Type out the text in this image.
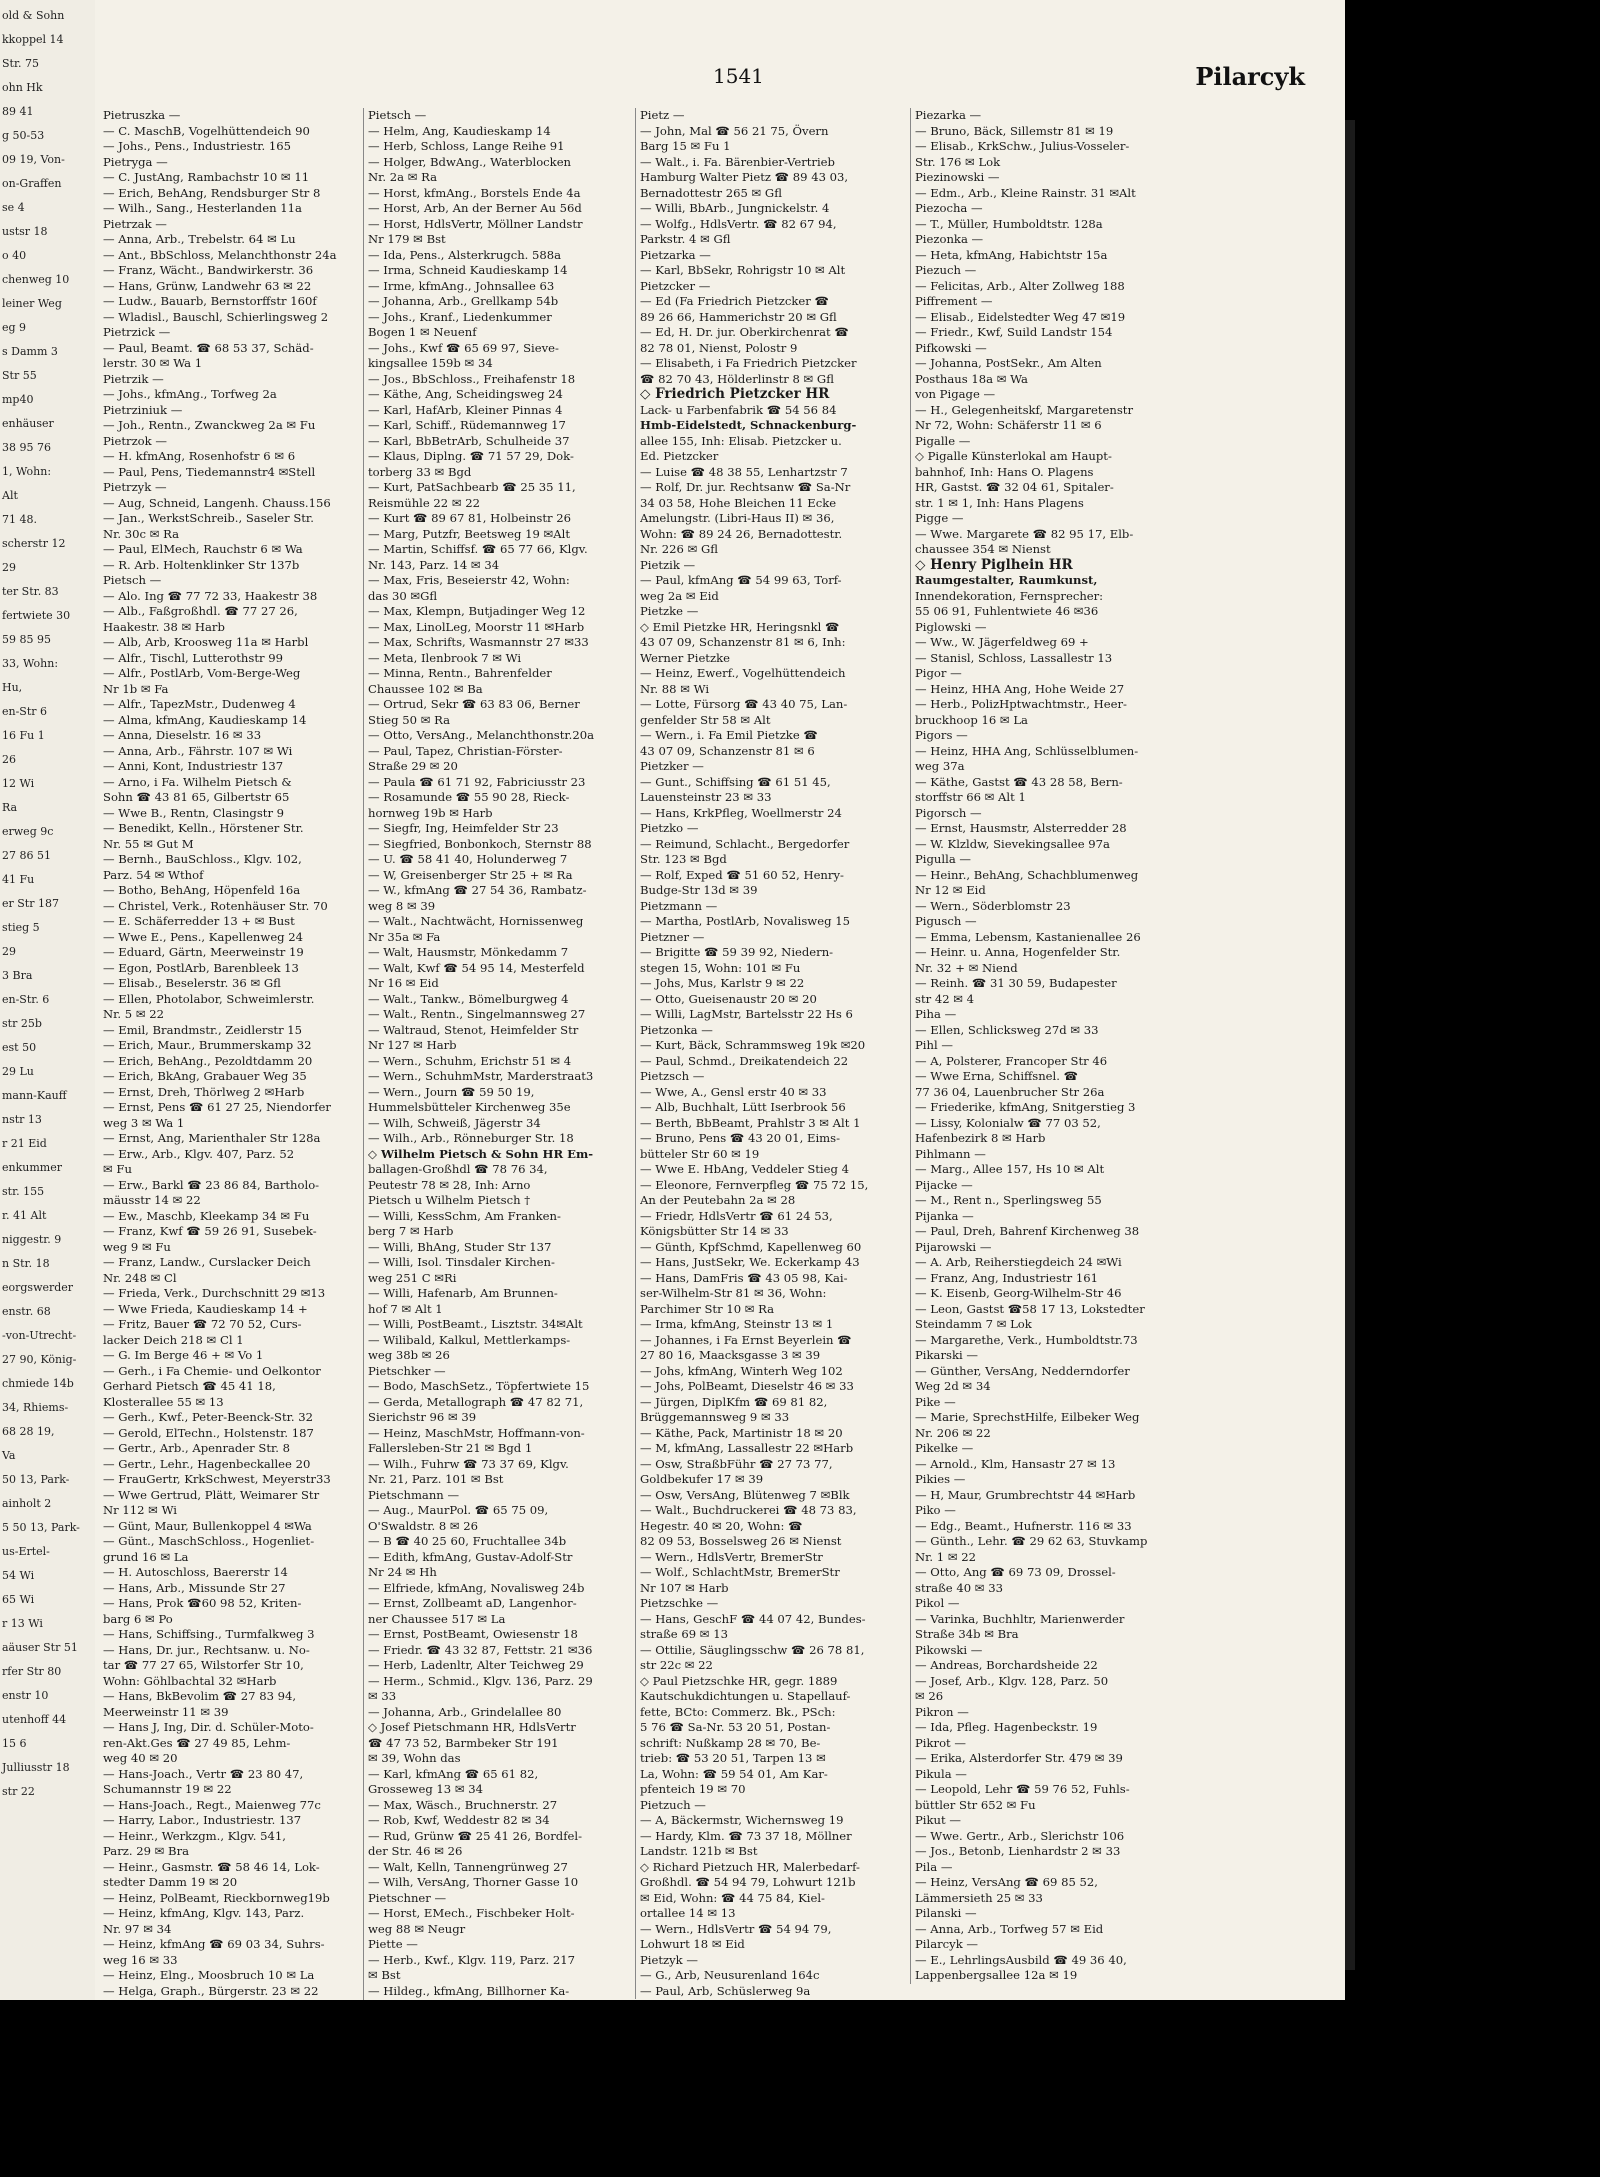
old & Sohn
kkoppel 14
Str. 75
ohn Hk
89 41
g 50-53
09 19, Von-
on-Graffen
se 4
ustsr 18
o 40
chenweg 10
leiner Weg
eg 9
s Damm 3
Str 55
mp40
enhäuser
38 95 76
1, Wohn:
Alt
71 48.
scherstr 12
29
ter Str. 83
fertwiete 30
59 85 95
33, Wohn:
Hu,
en-Str 6
16 Fu 1
26
12 Wi
Ra
erweg 9c
27 86 51
41 Fu
er Str 187
stieg 5
29
3 Bra
en-Str. 6
str 25b
est 50
29 Lu
mann-Kauff
nstr 13
r 21 Eid
enkummer
str. 155
r. 41 Alt
niggestr. 9
n Str. 18
eorgswerder
enstr. 68
-von-Utrecht-
27 90, König-
chmiede 14b
34, Rhiems-
68 28 19,
Va
50 13, Park-
ainholt 2
5 50 13, Park-
us-Ertel-
54 Wi
65 Wi
r 13 Wi
aäuser Str 51
rfer Str 80
enstr 10
utenhoff 44
15 6
Julliusstr 18
str 22
1541	Pilarcyk
Pietruszka —
— C. MaschB, Vogelhüttendeich 90
— Johs., Pens., Industriestr. 165
Pietryga —
— C. JustAng, Rambachstr 10 ✉ 11
— Erich, BehAng, Rendsburger Str 8
— Wilh., Sang., Hesterlanden 11a
Pietrzak —
— Anna, Arb., Trebelstr. 64 ✉ Lu
— Ant., BbSchloss, Melanchthonstr 24a
— Franz, Wächt., Bandwirkerstr. 36
— Hans, Grünw, Landwehr 63 ✉ 22
— Ludw., Bauarb, Bernstorffstr 160f
— Wladisl., Bauschl, Schierlingsweg 2
Pietrzick —
— Paul, Beamt. ☎ 68 53 37, Schäd-
lerstr. 30 ✉ Wa 1
Pietrzik —
— Johs., kfmAng., Torfweg 2a
Pietrziniuk —
— Joh., Rentn., Zwanckweg 2a ✉ Fu
Pietrzok —
— H. kfmAng, Rosenhofstr 6 ✉ 6
— Paul, Pens, Tiedemannstr4 ✉Stell
Pietrzyk —
— Aug, Schneid, Langenh. Chauss.156
— Jan., WerkstSchreib., Saseler Str.
Nr. 30c ✉ Ra
— Paul, ElMech, Rauchstr 6 ✉ Wa
— R. Arb. Holtenklinker Str 137b
Pietsch —
— Alo. Ing ☎ 77 72 33, Haakestr 38
— Alb., Faßgroßhdl. ☎ 77 27 26,
Haakestr. 38 ✉ Harb
— Alb, Arb, Kroosweg 11a ✉ Harbl
— Alfr., Tischl, Lutterothstr 99
— Alfr., PostlArb, Vom-Berge-Weg
Nr 1b ✉ Fa
— Alfr., TapezMstr., Dudenweg 4
— Alma, kfmAng, Kaudieskamp 14
— Anna, Dieselstr. 16 ✉ 33
— Anna, Arb., Fährstr. 107 ✉ Wi
— Anni, Kont, Industriestr 137
— Arno, i Fa. Wilhelm Pietsch &
Sohn ☎ 43 81 65, Gilbertstr 65
— Wwe B., Rentn, Clasingstr 9
— Benedikt, Kelln., Hörstener Str.
Nr. 55 ✉ Gut M
— Bernh., BauSchloss., Klgv. 102,
Parz. 54 ✉ Wthof
— Botho, BehAng, Höpenfeld 16a
— Christel, Verk., Rotenhäuser Str. 70
— E. Schäferredder 13 + ✉ Bust
— Wwe E., Pens., Kapellenweg 24
— Eduard, Gärtn, Meerweinstr 19
— Egon, PostlArb, Barenbleek 13
— Elisab., Beselerstr. 36 ✉ Gfl
— Ellen, Photolabor, Schweimlerstr.
Nr. 5 ✉ 22
— Emil, Brandmstr., Zeidlerstr 15
— Erich, Maur., Brummerskamp 32
— Erich, BehAng., Pezoldtdamm 20
— Erich, BkAng, Grabauer Weg 35
— Ernst, Dreh, Thörlweg 2 ✉Harb
— Ernst, Pens ☎ 61 27 25, Niendorfer
weg 3 ✉ Wa 1
— Ernst, Ang, Marienthaler Str 128a
— Erw., Arb., Klgv. 407, Parz. 52
✉ Fu
— Erw., Barkl ☎ 23 86 84, Bartholo-
mäusstr 14 ✉ 22
— Ew., Maschb, Kleekamp 34 ✉ Fu
— Franz, Kwf ☎ 59 26 91, Susebek-
weg 9 ✉ Fu
— Franz, Landw., Curslacker Deich
Nr. 248 ✉ Cl
— Frieda, Verk., Durchschnitt 29 ✉13
— Wwe Frieda, Kaudieskamp 14 +
— Fritz, Bauer ☎ 72 70 52, Curs-
lacker Deich 218 ✉ Cl 1
— G. Im Berge 46 + ✉ Vo 1
— Gerh., i Fa Chemie- und Oelkontor
Gerhard Pietsch ☎ 45 41 18,
Klosterallee 55 ✉ 13
— Gerh., Kwf., Peter-Beenck-Str. 32
— Gerold, ElTechn., Holstenstr. 187
— Gertr., Arb., Apenrader Str. 8
— Gertr., Lehr., Hagenbeckallee 20
— FrauGertr, KrkSchwest, Meyerstr33
— Wwe Gertrud, Plätt, Weimarer Str
Nr 112 ✉ Wi
— Günt, Maur, Bullenkoppel 4 ✉Wa
— Günt., MaschSchloss., Hogenliet-
grund 16 ✉ La
— H. Autoschloss, Baererstr 14
— Hans, Arb., Missunde Str 27
— Hans, Prok ☎60 98 52, Kriten-
barg 6 ✉ Po
— Hans, Schiffsing., Turmfalkweg 3
— Hans, Dr. jur., Rechtsanw. u. No-
tar ☎ 77 27 65, Wilstorfer Str 10,
Wohn: Göhlbachtal 32 ✉Harb
— Hans, BkBevolim ☎ 27 83 94,
Meerweinstr 11 ✉ 39
— Hans J, Ing, Dir. d. Schüler-Moto-
ren-Akt.Ges ☎ 27 49 85, Lehm-
weg 40 ✉ 20
— Hans-Joach., Vertr ☎ 23 80 47,
Schumannstr 19 ✉ 22
— Hans-Joach., Regt., Maienweg 77c
— Harry, Labor., Industriestr. 137
— Heinr., Werkzgm., Klgv. 541,
Parz. 29 ✉ Bra
— Heinr., Gasmstr. ☎ 58 46 14, Lok-
stedter Damm 19 ✉ 20
— Heinz, PolBeamt, Rieckbornweg19b
— Heinz, kfmAng, Klgv. 143, Parz.
Nr. 97 ✉ 34
— Heinz, kfmAng ☎ 69 03 34, Suhrs-
weg 16 ✉ 33
— Heinz, Elng., Moosbruch 10 ✉ La
— Helga, Graph., Bürgerstr. 23 ✉ 22
Pietsch —
— Helm, Ang, Kaudieskamp 14
— Herb, Schloss, Lange Reihe 91
— Holger, BdwAng., Waterblocken
Nr. 2a ✉ Ra
— Horst, kfmAng., Borstels Ende 4a
— Horst, Arb, An der Berner Au 56d
— Horst, HdlsVertr, Möllner Landstr
Nr 179 ✉ Bst
— Ida, Pens., Alsterkrugch. 588a
— Irma, Schneid Kaudieskamp 14
— Irme, kfmAng., Johnsallee 63
— Johanna, Arb., Grellkamp 54b
— Johs., Kranf., Liedenkummer
Bogen 1 ✉ Neuenf
— Johs., Kwf ☎ 65 69 97, Sieve-
kingsallee 159b ✉ 34
— Jos., BbSchloss., Freihafenstr 18
— Käthe, Ang, Scheidingsweg 24
— Karl, HafArb, Kleiner Pinnas 4
— Karl, Schiff., Rüdemannweg 17
— Karl, BbBetrArb, Schulheide 37
— Klaus, Diplng. ☎ 71 57 29, Dok-
torberg 33 ✉ Bgd
— Kurt, PatSachbearb ☎ 25 35 11,
Reismühle 22 ✉ 22
— Kurt ☎ 89 67 81, Holbeinstr 26
— Marg, Putzfr, Beetsweg 19 ✉Alt
— Martin, Schiffsf. ☎ 65 77 66, Klgv.
Nr. 143, Parz. 14 ✉ 34
— Max, Fris, Beseierstr 42, Wohn:
das 30 ✉Gfl
— Max, Klempn, Butjadinger Weg 12
— Max, LinolLeg, Moorstr 11 ✉Harb
— Max, Schrifts, Wasmannstr 27 ✉33
— Meta, Ilenbrook 7 ✉ Wi
— Minna, Rentn., Bahrenfelder
Chaussee 102 ✉ Ba
— Ortrud, Sekr ☎ 63 83 06, Berner
Stieg 50 ✉ Ra
— Otto, VersAng., Melanchthonstr.20a
— Paul, Tapez, Christian-Förster-
Straße 29 ✉ 20
— Paula ☎ 61 71 92, Fabriciusstr 23
— Rosamunde ☎ 55 90 28, Rieck-
hornweg 19b ✉ Harb
— Siegfr, Ing, Heimfelder Str 23
— Siegfried, Bonbonkoch, Sternstr 88
— U. ☎ 58 41 40, Holunderweg 7
— W, Greisenberger Str 25 + ✉ Ra
— W., kfmAng ☎ 27 54 36, Rambatz-
weg 8 ✉ 39
— Walt., Nachtwächt, Hornissenweg
Nr 35a ✉ Fa
— Walt, Hausmstr, Mönkedamm 7
— Walt, Kwf ☎ 54 95 14, Mesterfeld
Nr 16 ✉ Eid
— Walt., Tankw., Bömelburgweg 4
— Walt., Rentn., Singelmannsweg 27
— Waltraud, Stenot, Heimfelder Str
Nr 127 ✉ Harb
— Wern., Schuhm, Erichstr 51 ✉ 4
— Wern., SchuhmMstr, Marderstraat3
— Wern., Journ ☎ 59 50 19,
Hummelsbütteler Kirchenweg 35e
— Wilh, Schweiß, Jägerstr 34
— Wilh., Arb., Rönneburger Str. 18
◇ Wilhelm Pietsch & Sohn HR Em-
ballagen-Großhdl ☎ 78 76 34,
Peutestr 78 ✉ 28, Inh: Arno
Pietsch u Wilhelm Pietsch †
— Willi, KessSchm, Am Franken-
berg 7 ✉ Harb
— Willi, BhAng, Studer Str 137
— Willi, Isol. Tinsdaler Kirchen-
weg 251 C ✉Ri
— Willi, Hafenarb, Am Brunnen-
hof 7 ✉ Alt 1
— Willi, PostBeamt., Lisztstr. 34✉Alt
— Wilibald, Kalkul, Mettlerkamps-
weg 38b ✉ 26
Pietschker —
— Bodo, MaschSetz., Töpfertwiete 15
— Gerda, Metallograph ☎ 47 82 71,
Sierichstr 96 ✉ 39
— Heinz, MaschMstr, Hoffmann-von-
Fallersleben-Str 21 ✉ Bgd 1
— Wilh., Fuhrw ☎ 73 37 69, Klgv.
Nr. 21, Parz. 101 ✉ Bst
Pietschmann —
— Aug., MaurPol. ☎ 65 75 09,
O'Swaldstr. 8 ✉ 26
— B ☎ 40 25 60, Fruchtallee 34b
— Edith, kfmAng, Gustav-Adolf-Str
Nr 24 ✉ Hh
— Elfriede, kfmAng, Novalisweg 24b
— Ernst, Zollbeamt aD, Langenhor-
ner Chaussee 517 ✉ La
— Ernst, PostBeamt, Owiesenstr 18
— Friedr. ☎ 43 32 87, Fettstr. 21 ✉36
— Herb, Ladenltr, Alter Teichweg 29
— Herm., Schmid., Klgv. 136, Parz. 29
✉ 33
— Johanna, Arb., Grindelallee 80
◇ Josef Pietschmann HR, HdlsVertr
☎ 47 73 52, Barmbeker Str 191
✉ 39, Wohn das
— Karl, kfmAng ☎ 65 61 82,
Grosseweg 13 ✉ 34
— Max, Wäsch., Bruchnerstr. 27
— Rob, Kwf, Weddestr 82 ✉ 34
— Rud, Grünw ☎ 25 41 26, Bordfel-
der Str. 46 ✉ 26
— Walt, Kelln, Tannengrünweg 27
— Wilh, VersAng, Thorner Gasse 10
Pietschner —
— Horst, EMech., Fischbeker Holt-
weg 88 ✉ Neugr
Piette —
— Herb., Kwf., Klgv. 119, Parz. 217
✉ Bst
— Hildeg., kfmAng, Billhorner Ka-
Pietz —
— John, Mal ☎ 56 21 75, Övern
Barg 15 ✉ Fu 1
— Walt., i. Fa. Bärenbier-Vertrieb
Hamburg Walter Pietz ☎ 89 43 03,
Bernadottestr 265 ✉ Gfl
— Willi, BbArb., Jungnickelstr. 4
— Wolfg., HdlsVertr. ☎ 82 67 94,
Parkstr. 4 ✉ Gfl
Pietzarka —
— Karl, BbSekr, Rohrigstr 10 ✉ Alt
Pietzcker —
— Ed (Fa Friedrich Pietzcker ☎
89 26 66, Hammerichstr 20 ✉ Gfl
— Ed, H. Dr. jur. Oberkirchenrat ☎
82 78 01, Nienst, Polostr 9
— Elisabeth, i Fa Friedrich Pietzcker
☎ 82 70 43, Hölderlinstr 8 ✉ Gfl
◇ Friedrich Pietzcker HR
Lack- u Farbenfabrik ☎ 54 56 84
Hmb-Eidelstedt, Schnackenburg-
allee 155, Inh: Elisab. Pietzcker u.
Ed. Pietzcker
— Luise ☎ 48 38 55, Lenhartzstr 7
— Rolf, Dr. jur. Rechtsanw ☎ Sa-Nr
34 03 58, Hohe Bleichen 11 Ecke
Amelungstr. (Libri-Haus II) ✉ 36,
Wohn: ☎ 89 24 26, Bernadottestr.
Nr. 226 ✉ Gfl
Pietzik —
— Paul, kfmAng ☎ 54 99 63, Torf-
weg 2a ✉ Eid
Pietzke —
◇ Emil Pietzke HR, Heringsnkl ☎
43 07 09, Schanzenstr 81 ✉ 6, Inh:
Werner Pietzke
— Heinz, Ewerf., Vogelhüttendeich
Nr. 88 ✉ Wi
— Lotte, Fürsorg ☎ 43 40 75, Lan-
genfelder Str 58 ✉ Alt
— Wern., i. Fa Emil Pietzke ☎
43 07 09, Schanzenstr 81 ✉ 6
Pietzker —
— Gunt., Schiffsing ☎ 61 51 45,
Lauensteinstr 23 ✉ 33
— Hans, KrkPfleg, Woellmerstr 24
Pietzko —
— Reimund, Schlacht., Bergedorfer
Str. 123 ✉ Bgd
— Rolf, Exped ☎ 51 60 52, Henry-
Budge-Str 13d ✉ 39
Pietzmann —
— Martha, PostlArb, Novalisweg 15
Pietzner —
— Brigitte ☎ 59 39 92, Niedern-
stegen 15, Wohn: 101 ✉ Fu
— Johs, Mus, Karlstr 9 ✉ 22
— Otto, Gueisenaustr 20 ✉ 20
— Willi, LagMstr, Bartelsstr 22 Hs 6
Pietzonka —
— Kurt, Bäck, Schrammsweg 19k ✉20
— Paul, Schmd., Dreikatendeich 22
Pietzsch —
— Wwe, A., Gensl erstr 40 ✉ 33
— Alb, Buchhalt, Lütt Iserbrook 56
— Berth, BbBeamt, Prahlstr 3 ✉ Alt 1
— Bruno, Pens ☎ 43 20 01, Eims-
bütteler Str 60 ✉ 19
— Wwe E. HbAng, Veddeler Stieg 4
— Eleonore, Fernverpfleg ☎ 75 72 15,
An der Peutebahn 2a ✉ 28
— Friedr, HdlsVertr ☎ 61 24 53,
Königsbütter Str 14 ✉ 33
— Günth, KpfSchmd, Kapellenweg 60
— Hans, JustSekr, We. Eckerkamp 43
— Hans, DamFris ☎ 43 05 98, Kai-
ser-Wilhelm-Str 81 ✉ 36, Wohn:
Parchimer Str 10 ✉ Ra
— Irma, kfmAng, Steinstr 13 ✉ 1
— Johannes, i Fa Ernst Beyerlein ☎
27 80 16, Maacksgasse 3 ✉ 39
— Johs, kfmAng, Winterh Weg 102
— Johs, PolBeamt, Dieselstr 46 ✉ 33
— Jürgen, DiplKfm ☎ 69 81 82,
Brüggemannsweg 9 ✉ 33
— Käthe, Pack, Martinistr 18 ✉ 20
— M, kfmAng, Lassallestr 22 ✉Harb
— Osw, StraßbFühr ☎ 27 73 77,
Goldbekufer 17 ✉ 39
— Osw, VersAng, Blütenweg 7 ✉Blk
— Walt., Buchdruckerei ☎ 48 73 83,
Hegestr. 40 ✉ 20, Wohn: ☎
82 09 53, Bosselsweg 26 ✉ Nienst
— Wern., HdlsVertr, BremerStr
— Wolf., SchlachtMstr, BremerStr
Nr 107 ✉ Harb
Pietzschke —
— Hans, GeschF ☎ 44 07 42, Bundes-
straße 69 ✉ 13
— Ottilie, Säuglingsschw ☎ 26 78 81,
str 22c ✉ 22
◇ Paul Pietzschke HR, gegr. 1889
Kautschukdichtungen u. Stapellauf-
fette, BCto: Commerz. Bk., PSch:
5 76 ☎ Sa-Nr. 53 20 51, Postan-
schrift: Nußkamp 28 ✉ 70, Be-
trieb: ☎ 53 20 51, Tarpen 13 ✉
La, Wohn: ☎ 59 54 01, Am Kar-
pfenteich 19 ✉ 70
Pietzuch —
— A, Bäckermstr, Wichernsweg 19
— Hardy, Klm. ☎ 73 37 18, Möllner
Landstr. 121b ✉ Bst
◇ Richard Pietzuch HR, Malerbedarf-
Großhdl. ☎ 54 94 79, Lohwurt 121b
✉ Eid, Wohn: ☎ 44 75 84, Kiel-
ortallee 14 ✉ 13
— Wern., HdlsVertr ☎ 54 94 79,
Lohwurt 18 ✉ Eid
Pietzyk —
— G., Arb, Neusurenland 164c
— Paul, Arb, Schüslerweg 9a
Piezarka —
— Bruno, Bäck, Sillemstr 81 ✉ 19
— Elisab., KrkSchw., Julius-Vosseler-
Str. 176 ✉ Lok
Piezinowski —
— Edm., Arb., Kleine Rainstr. 31 ✉Alt
Piezocha —
— T., Müller, Humboldtstr. 128a
Piezonka —
— Heta, kfmAng, Habichtstr 15a
Piezuch —
— Felicitas, Arb., Alter Zollweg 188
Piffrement —
— Elisab., Eidelstedter Weg 47 ✉19
— Friedr., Kwf, Suild Landstr 154
Pifkowski —
— Johanna, PostSekr., Am Alten
Posthaus 18a ✉ Wa
von Pigage —
— H., Gelegenheitskf, Margaretenstr
Nr 72, Wohn: Schäferstr 11 ✉ 6
Pigalle —
◇ Pigalle Künsterlokal am Haupt-
bahnhof, Inh: Hans O. Plagens
HR, Gastst. ☎ 32 04 61, Spitaler-
str. 1 ✉ 1, Inh: Hans Plagens
Pigge —
— Wwe. Margarete ☎ 82 95 17, Elb-
chaussee 354 ✉ Nienst
◇ Henry Piglhein HR
Raumgestalter, Raumkunst,
Innendekoration, Fernsprecher:
55 06 91, Fuhlentwiete 46 ✉36
Piglowski —
— Ww., W. Jägerfeldweg 69 +
— Stanisl, Schloss, Lassallestr 13
Pigor —
— Heinz, HHA Ang, Hohe Weide 27
— Herb., PolizHptwachtmstr., Heer-
bruckhoop 16 ✉ La
Pigors —
— Heinz, HHA Ang, Schlüsselblumen-
weg 37a
— Käthe, Gastst ☎ 43 28 58, Bern-
storffstr 66 ✉ Alt 1
Pigorsch —
— Ernst, Hausmstr, Alsterredder 28
— W. Klzldw, Sievekingsallee 97a
Pigulla —
— Heinr., BehAng, Schachblumenweg
Nr 12 ✉ Eid
— Wern., Söderblomstr 23
Pigusch —
— Emma, Lebensm, Kastanienallee 26
— Heinr. u. Anna, Hogenfelder Str.
Nr. 32 + ✉ Niend
— Reinh. ☎ 31 30 59, Budapester
str 42 ✉ 4
Piha —
— Ellen, Schlicksweg 27d ✉ 33
Pihl —
— A, Polsterer, Francoper Str 46
— Wwe Erna, Schiffsnel. ☎
77 36 04, Lauenbrucher Str 26a
— Friederike, kfmAng, Snitgerstieg 3
— Lissy, Kolonialw ☎ 77 03 52,
Hafenbezirk 8 ✉ Harb
Pihlmann —
— Marg., Allee 157, Hs 10 ✉ Alt
Pijacke —
— M., Rent n., Sperlingsweg 55
Pijanka —
— Paul, Dreh, Bahrenf Kirchenweg 38
Pijarowski —
— A. Arb, Reiherstiegdeich 24 ✉Wi
— Franz, Ang, Industriestr 161
— K. Eisenb, Georg-Wilhelm-Str 46
— Leon, Gastst ☎58 17 13, Lokstedter
Steindamm 7 ✉ Lok
— Margarethe, Verk., Humboldtstr.73
Pikarski —
— Günther, VersAng, Nedderndorfer
Weg 2d ✉ 34
Pike —
— Marie, SprechstHilfe, Eilbeker Weg
Nr. 206 ✉ 22
Pikelke —
— Arnold., Klm, Hansastr 27 ✉ 13
Pikies —
— H, Maur, Grumbrechtstr 44 ✉Harb
Piko —
— Edg., Beamt., Hufnerstr. 116 ✉ 33
— Günth., Lehr. ☎ 29 62 63, Stuvkamp
Nr. 1 ✉ 22
— Otto, Ang ☎ 69 73 09, Drossel-
straße 40 ✉ 33
Pikol —
— Varinka, Buchhltr, Marienwerder
Straße 34b ✉ Bra
Pikowski —
— Andreas, Borchardsheide 22
— Josef, Arb., Klgv. 128, Parz. 50
✉ 26
Pikron —
— Ida, Pfleg. Hagenbeckstr. 19
Pikrot —
— Erika, Alsterdorfer Str. 479 ✉ 39
Pikula —
— Leopold, Lehr ☎ 59 76 52, Fuhls-
büttler Str 652 ✉ Fu
Pikut —
— Wwe. Gertr., Arb., Slerichstr 106
— Jos., Betonb, Lienhardstr 2 ✉ 33
Pila —
— Heinz, VersAng ☎ 69 85 52,
Lämmersieth 25 ✉ 33
Pilanski —
— Anna, Arb., Torfweg 57 ✉ Eid
Pilarcyk —
— E., LehrlingsAusbild ☎ 49 36 40,
Lappenbergsallee 12a ✉ 19
